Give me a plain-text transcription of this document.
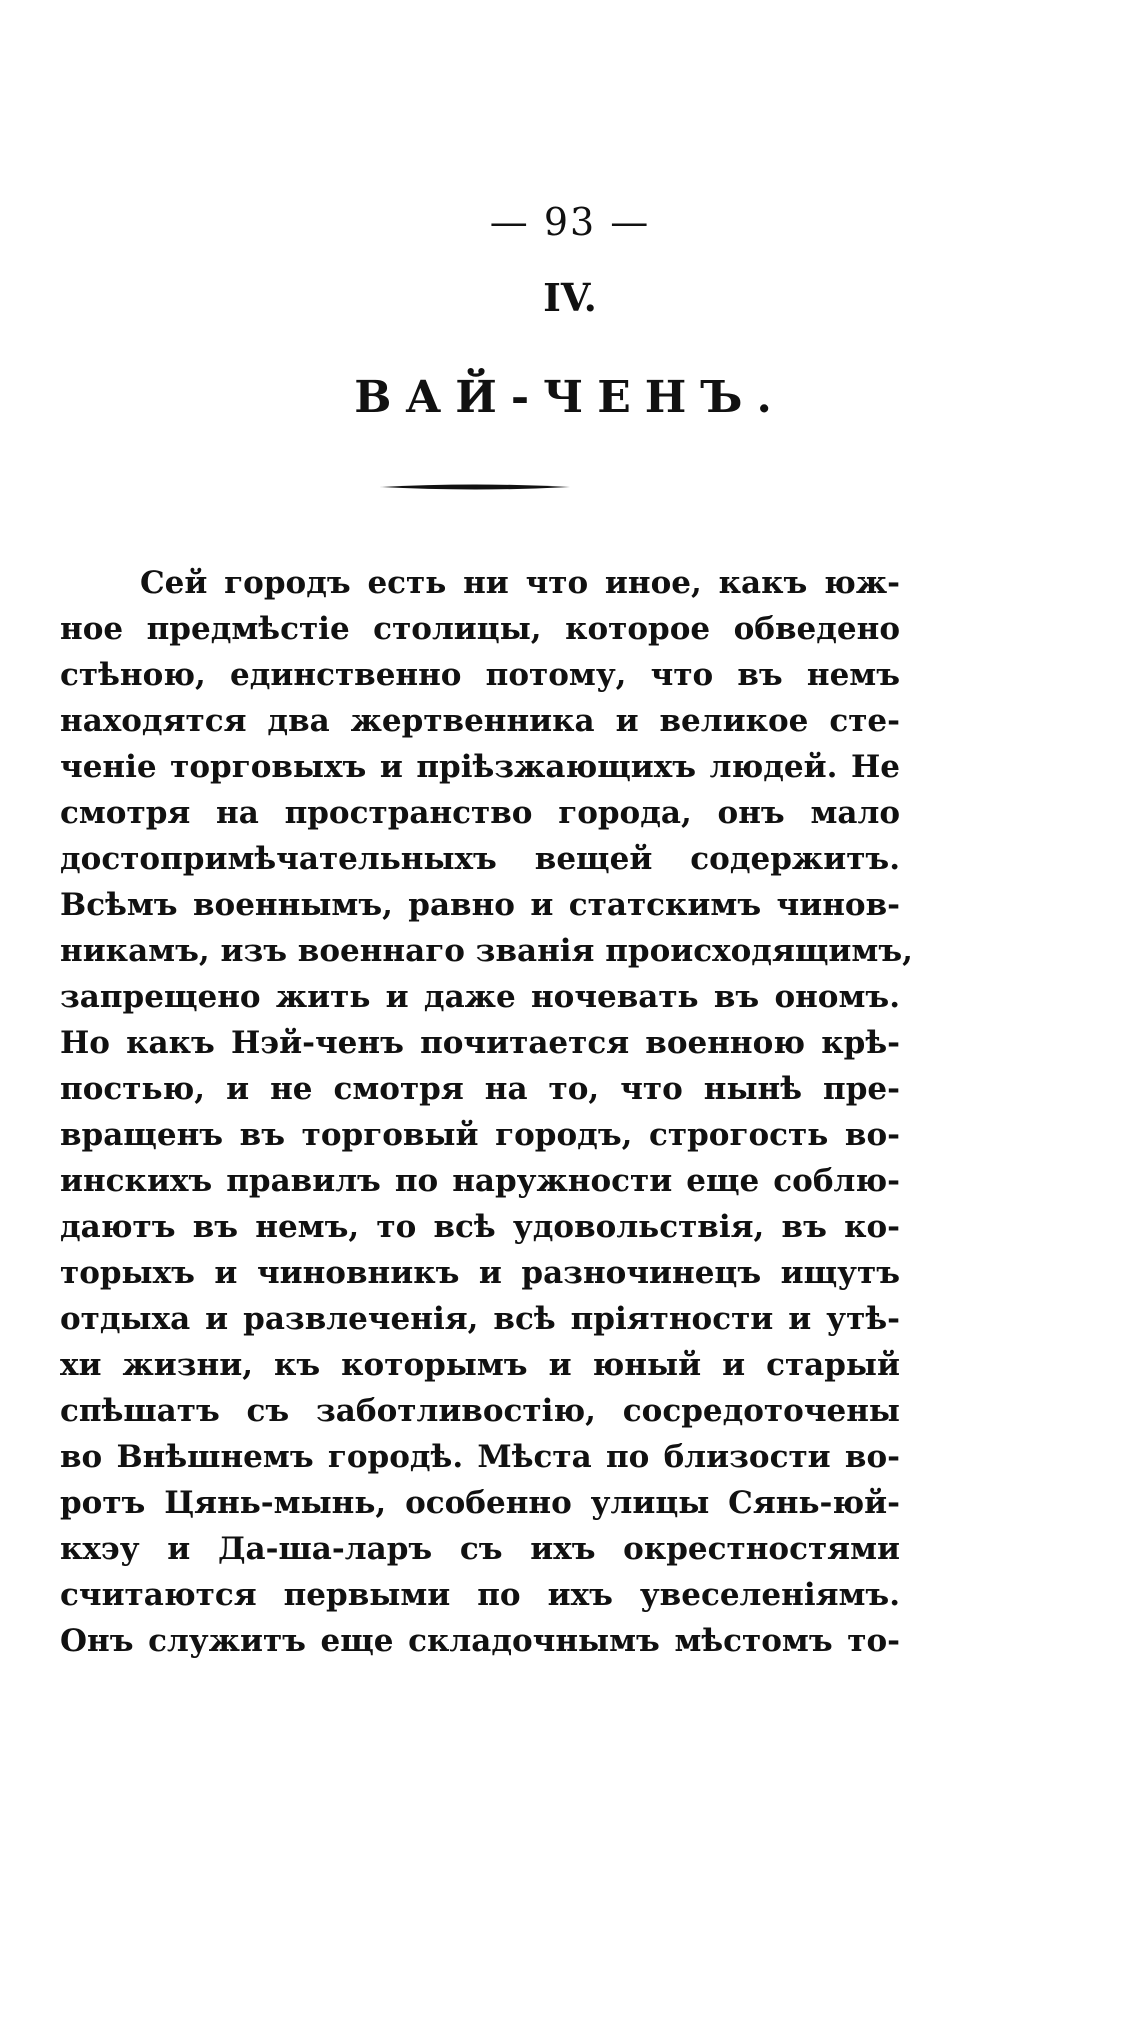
— 93 —
IV.
ВАЙ-ЧЕНЪ.
Сей городъ есть ни что иное, какъ юж-
ное предмѣстіе столицы, которое обведено
стѣною, единственно потому, что въ немъ
находятся два жертвенника и великое сте-
ченіе торговыхъ и пріѣзжающихъ людей. Не
смотря на пространство города, онъ мало
достопримѣчательныхъ вещей содержитъ.
Всѣмъ военнымъ, равно и статскимъ чинов-
никамъ, изъ военнаго званія происходящимъ,
запрещено жить и даже ночевать въ ономъ.
Но какъ Нэй-ченъ почитается военною крѣ-
постью, и не смотря на то, что нынѣ пре-
вращенъ въ торговый городъ, строгость во-
инскихъ правилъ по наружности еще соблю-
даютъ въ немъ, то всѣ удовольствія, въ ко-
торыхъ и чиновникъ и разночинецъ ищутъ
отдыха и развлеченія, всѣ пріятности и утѣ-
хи жизни, къ которымъ и юный и старый
спѣшатъ съ заботливостію, сосредоточены
во Внѣшнемъ городѣ. Мѣста по близости во-
ротъ Цянь-мынь, особенно улицы Сянь-юй-
кхэу и Да-ша-ларъ съ ихъ окрестностями
считаются первыми по ихъ увеселеніямъ.
Онъ служитъ еще складочнымъ мѣстомъ то-
